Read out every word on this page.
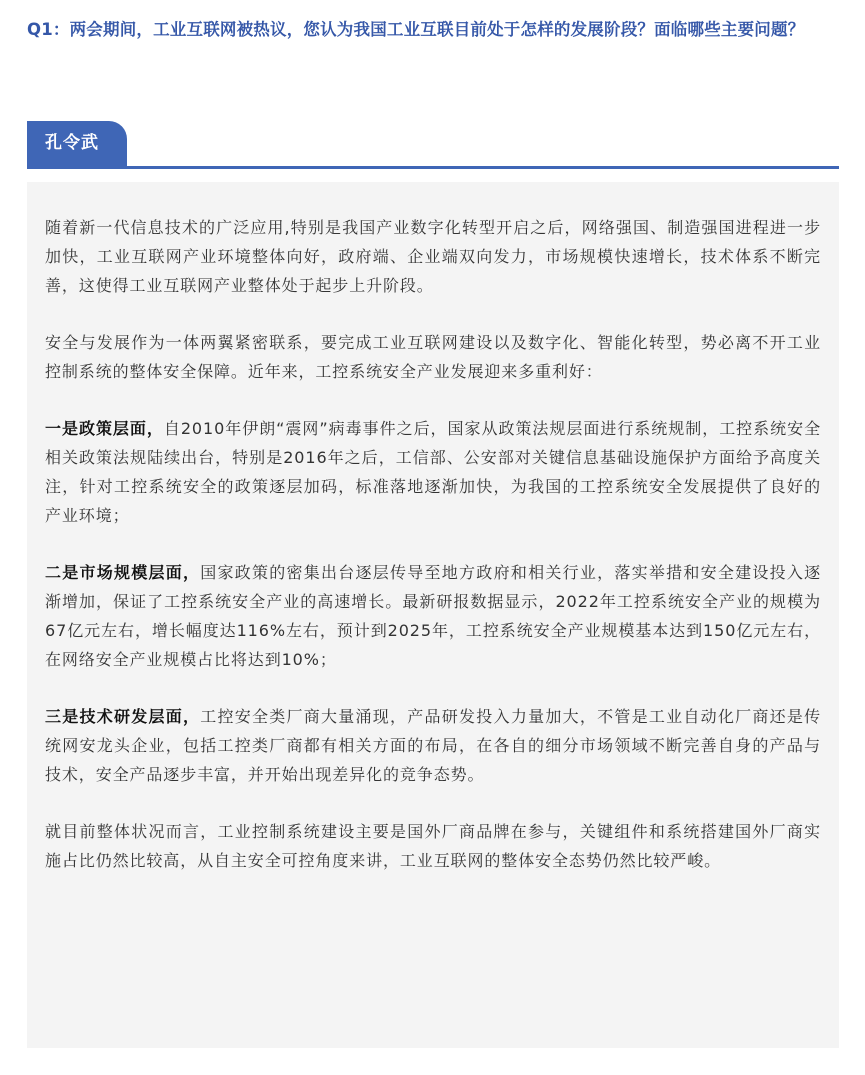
Q1：两会期间，工业互联网被热议，您认为我国工业互联目前处于怎样的发展阶段？面临哪些主要问题？
孔令武

随着新一代信息技术的广泛应用,特别是我国产业数字化转型开启之后，网络强国、制造强国进程进一步加快，工业互联网产业环境整体向好，政府端、企业端双向发力，市场规模快速增长，技术体系不断完善，这使得工业互联网产业整体处于起步上升阶段。

安全与发展作为一体两翼紧密联系，要完成工业互联网建设以及数字化、智能化转型，势必离不开工业控制系统的整体安全保障。近年来，工控系统安全产业发展迎来多重利好：

一是政策层面，自2010年伊朗“震网”病毒事件之后，国家从政策法规层面进行系统规制，工控系统安全相关政策法规陆续出台，特别是2016年之后，工信部、公安部对关键信息基础设施保护方面给予高度关注，针对工控系统安全的政策逐层加码，标准落地逐渐加快，为我国的工控系统安全发展提供了良好的产业环境；

二是市场规模层面，国家政策的密集出台逐层传导至地方政府和相关行业，落实举措和安全建设投入逐渐增加，保证了工控系统安全产业的高速增长。最新研报数据显示，2022年工控系统安全产业的规模为67亿元左右，增长幅度达116%左右，预计到2025年，工控系统安全产业规模基本达到150亿元左右，在网络安全产业规模占比将达到10%；

三是技术研发层面，工控安全类厂商大量涌现，产品研发投入力量加大，不管是工业自动化厂商还是传统网安龙头企业，包括工控类厂商都有相关方面的布局，在各自的细分市场领域不断完善自身的产品与技术，安全产品逐步丰富，并开始出现差异化的竞争态势。

就目前整体状况而言，工业控制系统建设主要是国外厂商品牌在参与，关键组件和系统搭建国外厂商实施占比仍然比较高，从自主安全可控角度来讲，工业互联网的整体安全态势仍然比较严峻。
